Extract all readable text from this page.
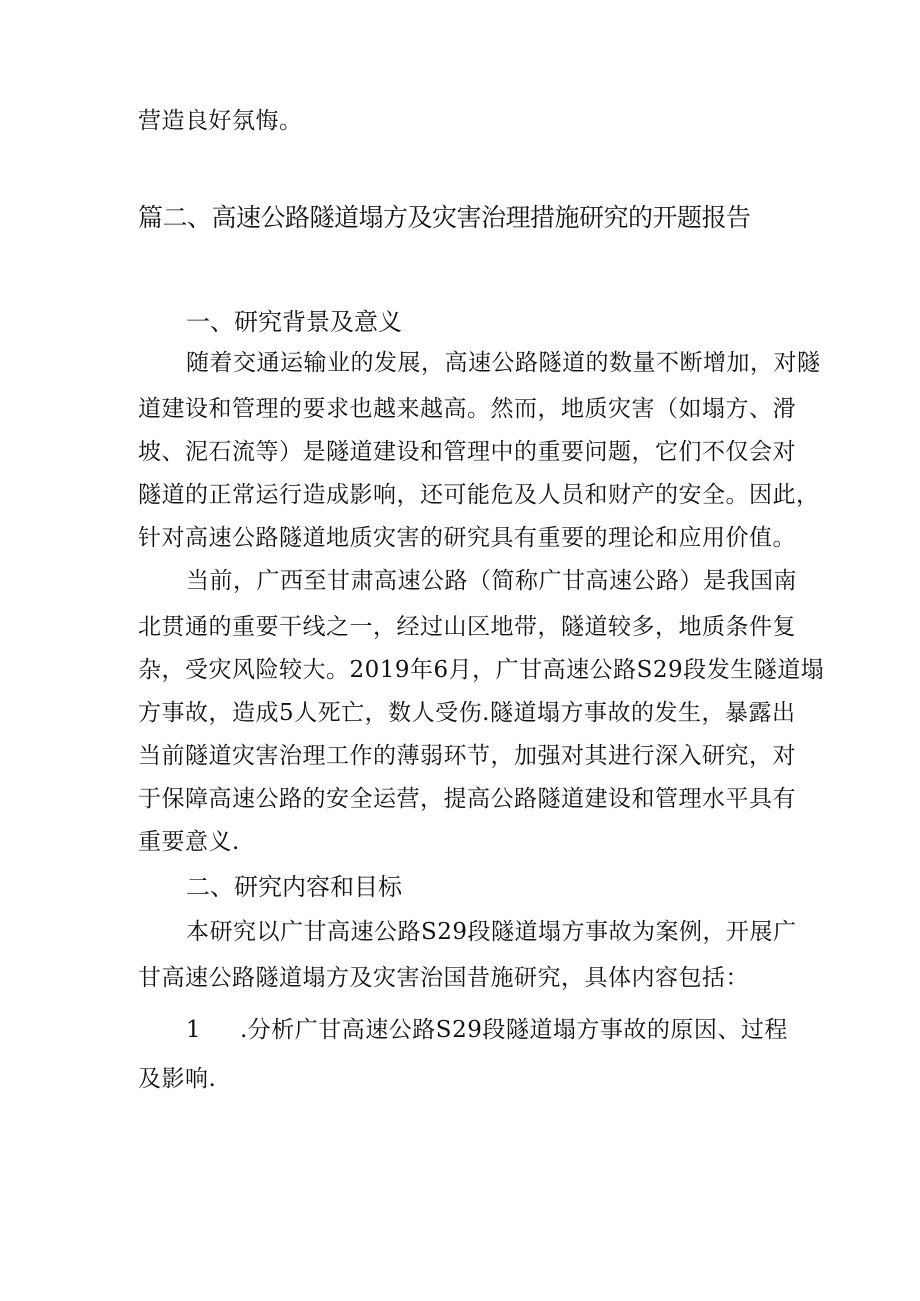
营造良好氛悔。
篇二、高速公路隧道塌方及灾害治理措施研究的开题报告
一、研究背景及意义
随着交通运输业的发展，高速公路隧道的数量不断增加，对隧
道建设和管理的要求也越来越高。然而，地质灾害（如塌方、滑
坡、泥石流等）是隧道建设和管理中的重要问题，它们不仅会对
隧道的正常运行造成影响，还可能危及人员和财产的安全。因此，
针对高速公路隧道地质灾害的研究具有重要的理论和应用价值。
当前，广西至甘肃高速公路（简称广甘高速公路）是我国南
北贯通的重要干线之一，经过山区地带，隧道较多，地质条件复
杂，受灾风险较大。2019年6月，广甘高速公路S29段发生隧道塌
方事故，造成5人死亡，数人受伤.隧道塌方事故的发生，暴露出
当前隧道灾害治理工作的薄弱环节，加强对其进行深入研究，对
于保障高速公路的安全运营，提高公路隧道建设和管理水平具有
重要意义.
二、研究内容和目标
本研究以广甘高速公路S29段隧道塌方事故为案例，开展广
甘高速公路隧道塌方及灾害治国昔施研究，具体内容包括：
1 .分析广甘高速公路S29段隧道塌方事故的原因、过程
及影响.
